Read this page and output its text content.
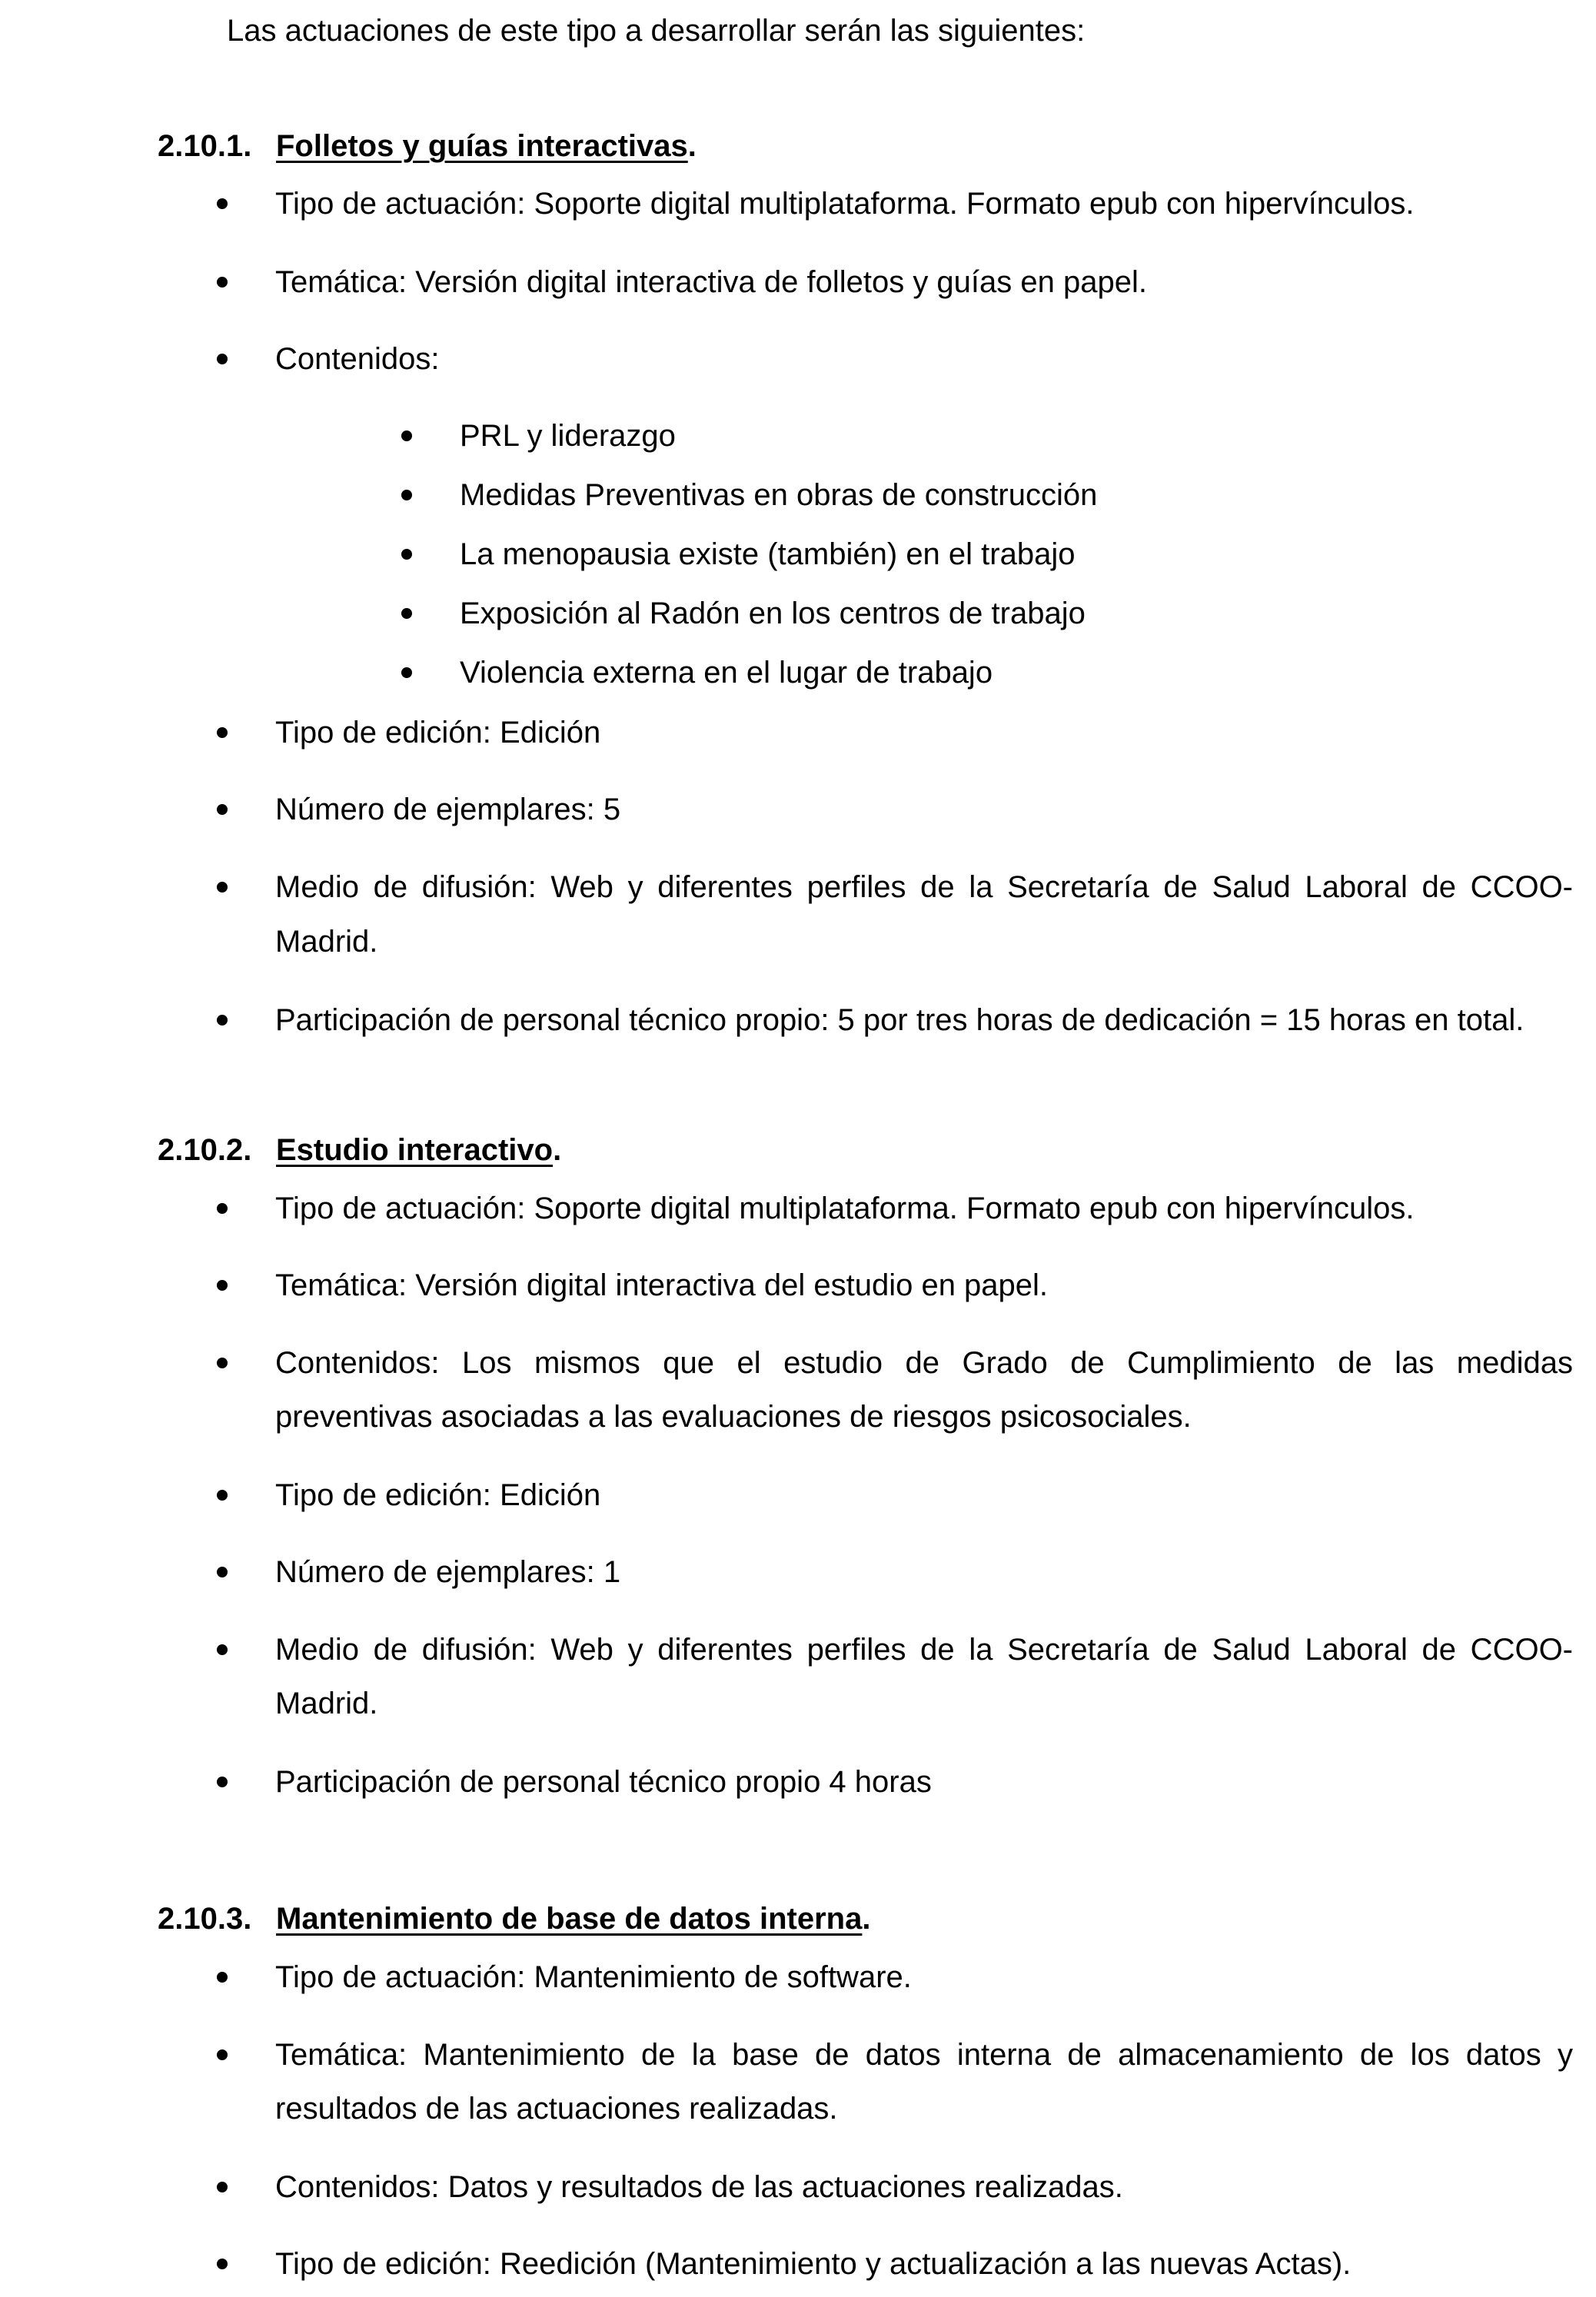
Las actuaciones de este tipo a desarrollar serán las siguientes:
2.10.1. Folletos y guías interactivas.
Tipo de actuación: Soporte digital multiplataforma. Formato epub con hipervínculos.
Temática: Versión digital interactiva de folletos y guías en papel.
Contenidos:
PRL y liderazgo
Medidas Preventivas en obras de construcción
La menopausia existe (también) en el trabajo
Exposición al Radón en los centros de trabajo
Violencia externa en el lugar de trabajo
Tipo de edición: Edición
Número de ejemplares: 5
Medio de difusión: Web y diferentes perfiles de la Secretaría de Salud Laboral de CCOO-
Madrid.
Participación de personal técnico propio: 5 por tres horas de dedicación = 15 horas en total.
2.10.2. Estudio interactivo.
Tipo de actuación: Soporte digital multiplataforma. Formato epub con hipervínculos.
Temática: Versión digital interactiva del estudio en papel.
Contenidos: Los mismos que el estudio de Grado de Cumplimiento de las medidas
preventivas asociadas a las evaluaciones de riesgos psicosociales.
Tipo de edición: Edición
Número de ejemplares: 1
Medio de difusión: Web y diferentes perfiles de la Secretaría de Salud Laboral de CCOO-
Madrid.
Participación de personal técnico propio 4 horas
2.10.3. Mantenimiento de base de datos interna.
Tipo de actuación: Mantenimiento de software.
Temática: Mantenimiento de la base de datos interna de almacenamiento de los datos y
resultados de las actuaciones realizadas.
Contenidos: Datos y resultados de las actuaciones realizadas.
Tipo de edición: Reedición (Mantenimiento y actualización a las nuevas Actas).
